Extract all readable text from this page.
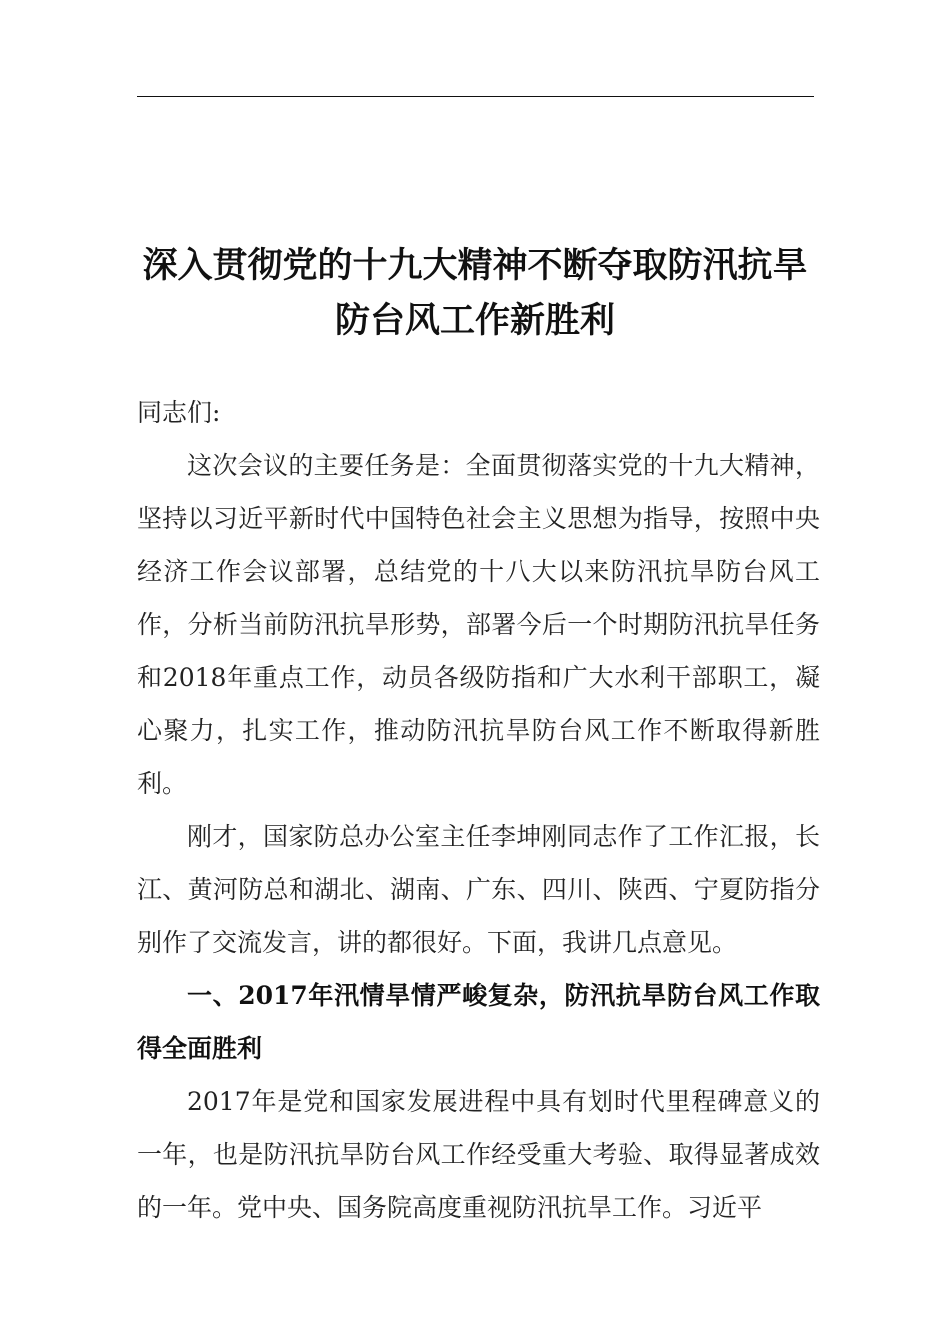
深入贯彻党的十九大精神不断夺取防汛抗旱
防台风工作新胜利

同志们:

这次会议的主要任务是：全面贯彻落实党的十九大精神，坚持以习近平新时代中国特色社会主义思想为指导，按照中央经济工作会议部署，总结党的十八大以来防汛抗旱防台风工作，分析当前防汛抗旱形势，部署今后一个时期防汛抗旱任务和2018年重点工作，动员各级防指和广大水利干部职工，凝心聚力，扎实工作，推动防汛抗旱防台风工作不断取得新胜利。

刚才，国家防总办公室主任李坤刚同志作了工作汇报，长江、黄河防总和湖北、湖南、广东、四川、陕西、宁夏防指分别作了交流发言，讲的都很好。下面，我讲几点意见。

一、2017年汛情旱情严峻复杂，防汛抗旱防台风工作取得全面胜利

2017年是党和国家发展进程中具有划时代里程碑意义的一年，也是防汛抗旱防台风工作经受重大考验、取得显著成效的一年。党中央、国务院高度重视防汛抗旱工作。习近平
